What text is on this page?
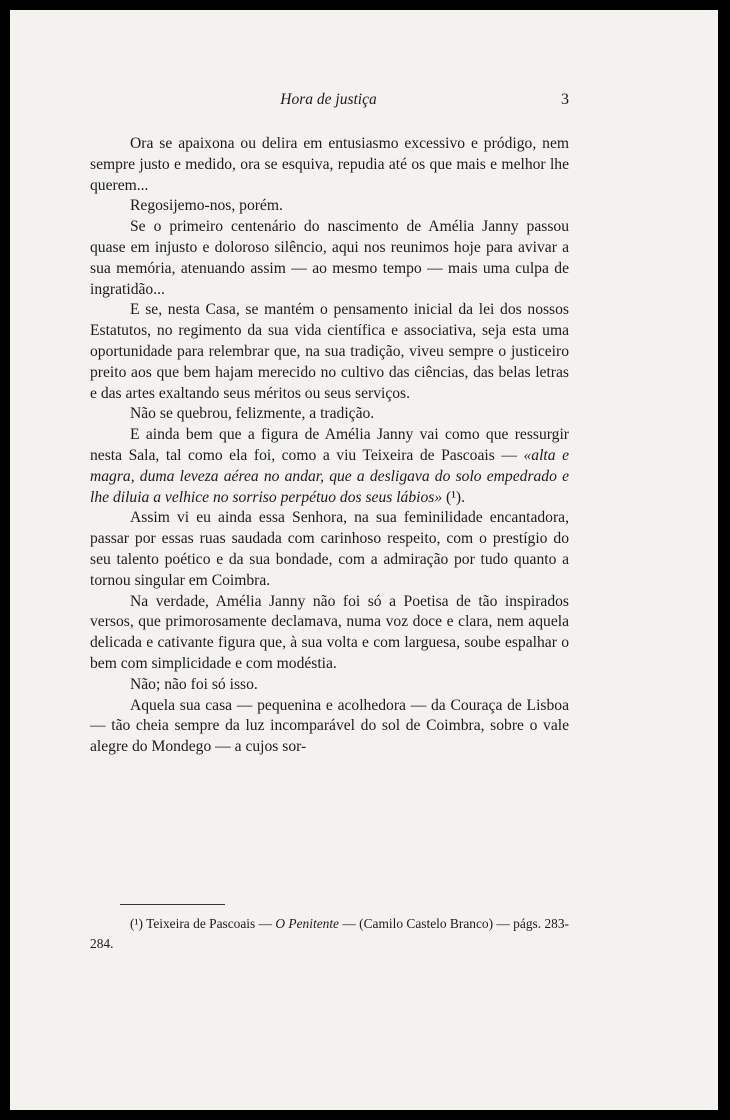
Hora de justiça	3

Ora se apaixona ou delira em entusiasmo excessivo e pródigo, nem sempre justo e medido, ora se esquiva, repudia até os que mais e melhor lhe querem...

Regosijemo-nos, porém.

Se o primeiro centenário do nascimento de Amélia Janny passou quase em injusto e doloroso silêncio, aqui nos reunimos hoje para avivar a sua memória, atenuando assim — ao mesmo tempo — mais uma culpa de ingratidão...

E se, nesta Casa, se mantém o pensamento inicial da lei dos nossos Estatutos, no regimento da sua vida científica e associativa, seja esta uma oportunidade para relembrar que, na sua tradição, viveu sempre o justiceiro preito aos que bem hajam merecido no cultivo das ciências, das belas letras e das artes exaltando seus méritos ou seus serviços.

Não se quebrou, felizmente, a tradição.

E ainda bem que a figura de Amélia Janny vai como que ressurgir nesta Sala, tal como ela foi, como a viu Teixeira de Pascoais — «alta e magra, duma leveza aérea no andar, que a desligava do solo empedrado e lhe diluia a velhice no sorriso perpétuo dos seus lábios» (¹).

Assim vi eu ainda essa Senhora, na sua feminilidade encantadora, passar por essas ruas saudada com carinhoso respeito, com o prestígio do seu talento poético e da sua bondade, com a admiração por tudo quanto a tornou singular em Coimbra.

Na verdade, Amélia Janny não foi só a Poetisa de tão inspirados versos, que primorosamente declamava, numa voz doce e clara, nem aquela delicada e cativante figura que, à sua volta e com larguesa, soube espalhar o bem com simplicidade e com modéstia.

Não; não foi só isso.

Aquela sua casa — pequenina e acolhedora — da Couraça de Lisboa — tão cheia sempre da luz incomparável do sol de Coimbra, sobre o vale alegre do Mondego — a cujos sor-

(¹) Teixeira de Pascoais — O Penitente — (Camilo Castelo Branco) — págs. 283-284.
